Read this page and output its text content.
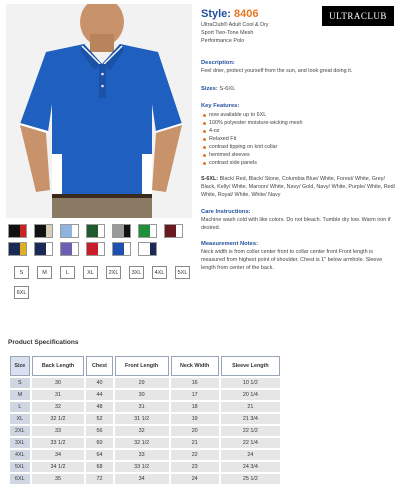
S	M	L	XL	2XL	3XL	4XL	5XL
6XL
ULTRACLUB
Style: 8406
UltraClub® Adult Cool & Dry
Sport Two-Tone Mesh
Performance Polo
Description:
Feel drier, protect yourself from the sun, and look great doing it.
Sizes: S-6XL
Key Features:
now available up to 6XL
100% polyester moisture-wicking mesh
4-oz
Relaxed Fit
contrast tipping on knit collar
hemmed sleeves
contrast side panels
S-6XL: Black/ Red, Black/ Stone, Columbia Blue/ White, Forest/ White, Grey/ Black, Kelly/ White, Maroon/ White, Navy/ Gold, Navy/ White, Purple/ White, Red/ White, Royal/ White, White/ Navy
Care Instructions:
Machine wash cold with like colors. Do not bleach. Tumble dry low. Warm iron if desired.
Measurement Notes:
Neck width is from collar center front to collar center front Front length is measured from highest point of shoulder. Chest is 1" below armhole. Sleeve length from center of the back.
Product Specifications
Size	Back Length	Chest	Front Length	Neck Width	Sleeve Length
S	30	40	29	16	10 1/2
M	31	44	30	17	20 1/4
L	32	48	31	18	21
XL	32 1/2	52	31 1/2	19	21 3/4
2XL	33	56	32	20	22 1/2
3XL	33 1/2	60	32 1/2	21	22 1/4
4XL	34	64	33	22	24
5XL	34 1/2	68	33 1/2	23	24 3/4
6XL	35	72	34	24	25 1/2
